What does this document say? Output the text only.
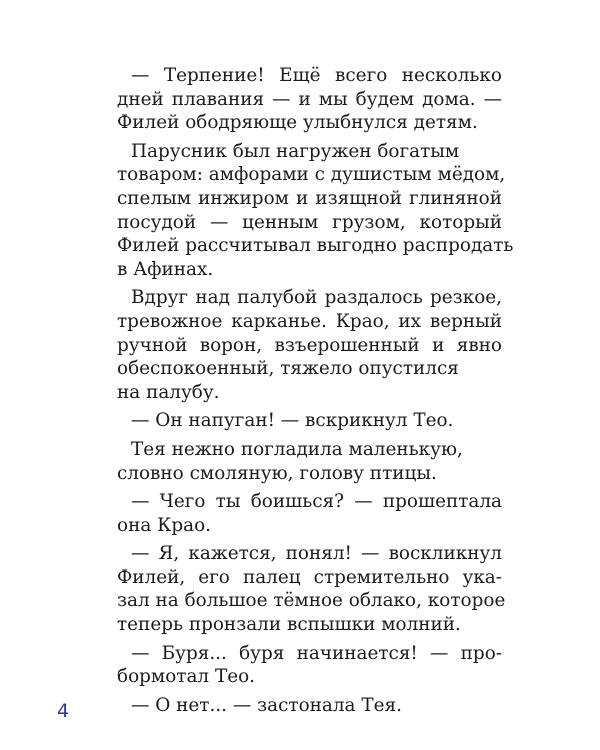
— Терпение! Ещё всего несколько
дней плавания — и мы будем дома. —
Филей ободряюще улыбнулся детям.

Парусник был нагружен богатым
товаром: амфорами с душистым мёдом,
спелым инжиром и изящной глиняной
посудой — ценным грузом, который
Филей рассчитывал выгодно распродать
в Афинах.

Вдруг над палубой раздалось резкое,
тревожное карканье. Крао, их верный
ручной ворон, взъерошенный и явно
обеспокоенный, тяжело опустился
на палубу.

— Он напуган! — вскрикнул Тео.

Тея нежно погладила маленькую,
словно смоляную, голову птицы.

— Чего ты боишься? — прошептала
она Крао.

— Я, кажется, понял! — воскликнул
Филей, его палец стремительно ука-
зал на большое тёмное облако, которое
теперь пронзали вспышки молний.

— Буря... буря начинается! — про-
бормотал Тео.

— О нет... — застонала Тея.

4
